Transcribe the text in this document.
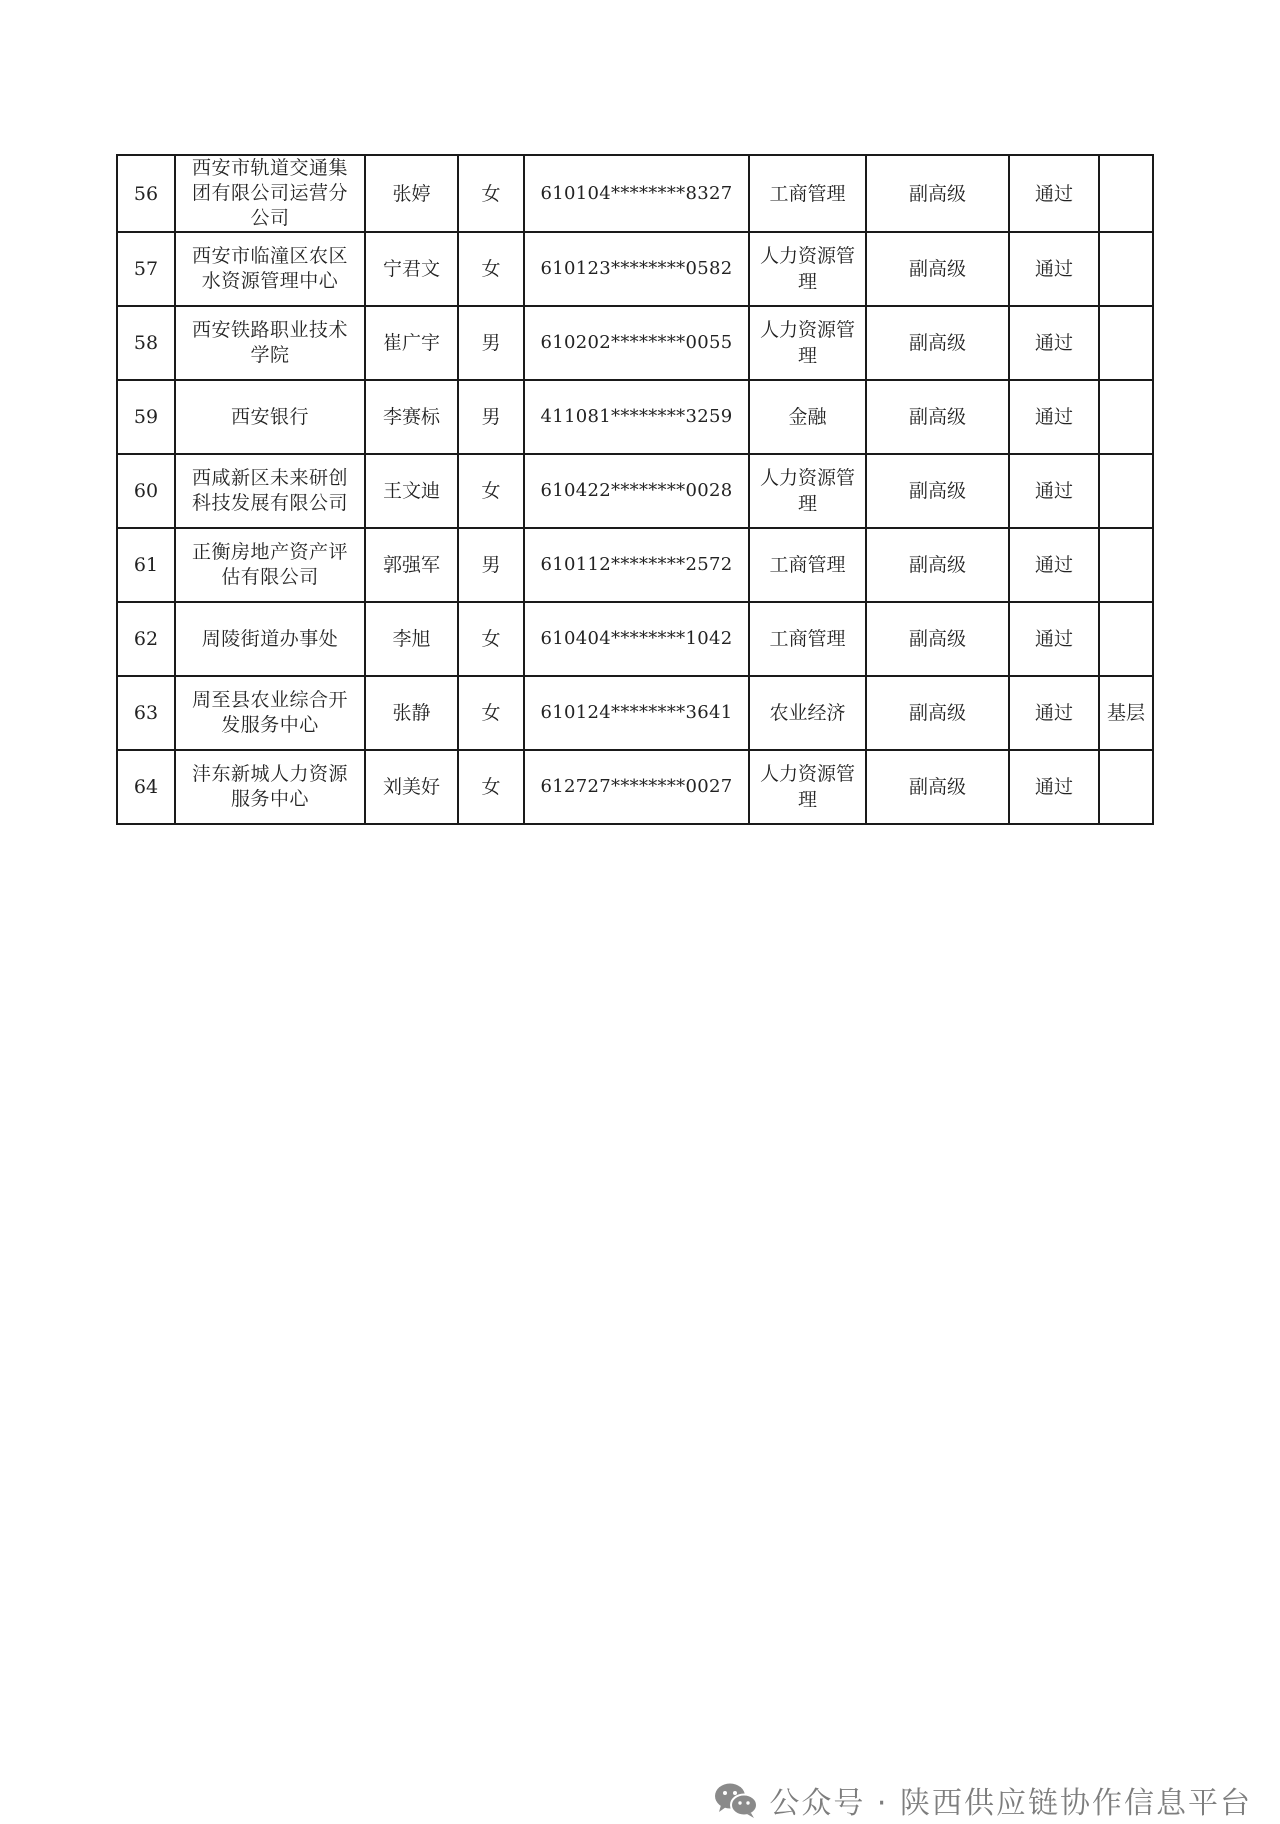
56	西安市轨道交通集团有限公司运营分公司	张婷	女	610104********8327	工商管理	副高级	通过	
57	西安市临潼区农区水资源管理中心	宁君文	女	610123********0582	人力资源管理	副高级	通过	
58	西安铁路职业技术学院	崔广宇	男	610202********0055	人力资源管理	副高级	通过	
59	西安银行	李赛标	男	411081********3259	金融	副高级	通过	
60	西咸新区未来研创科技发展有限公司	王文迪	女	610422********0028	人力资源管理	副高级	通过	
61	正衡房地产资产评估有限公司	郭强军	男	610112********2572	工商管理	副高级	通过	
62	周陵街道办事处	李旭	女	610404********1042	工商管理	副高级	通过	
63	周至县农业综合开发服务中心	张静	女	610124********3641	农业经济	副高级	通过	基层
64	沣东新城人力资源服务中心	刘美好	女	612727********0027	人力资源管理	副高级	通过	
公众号 · 陕西供应链协作信息平台
